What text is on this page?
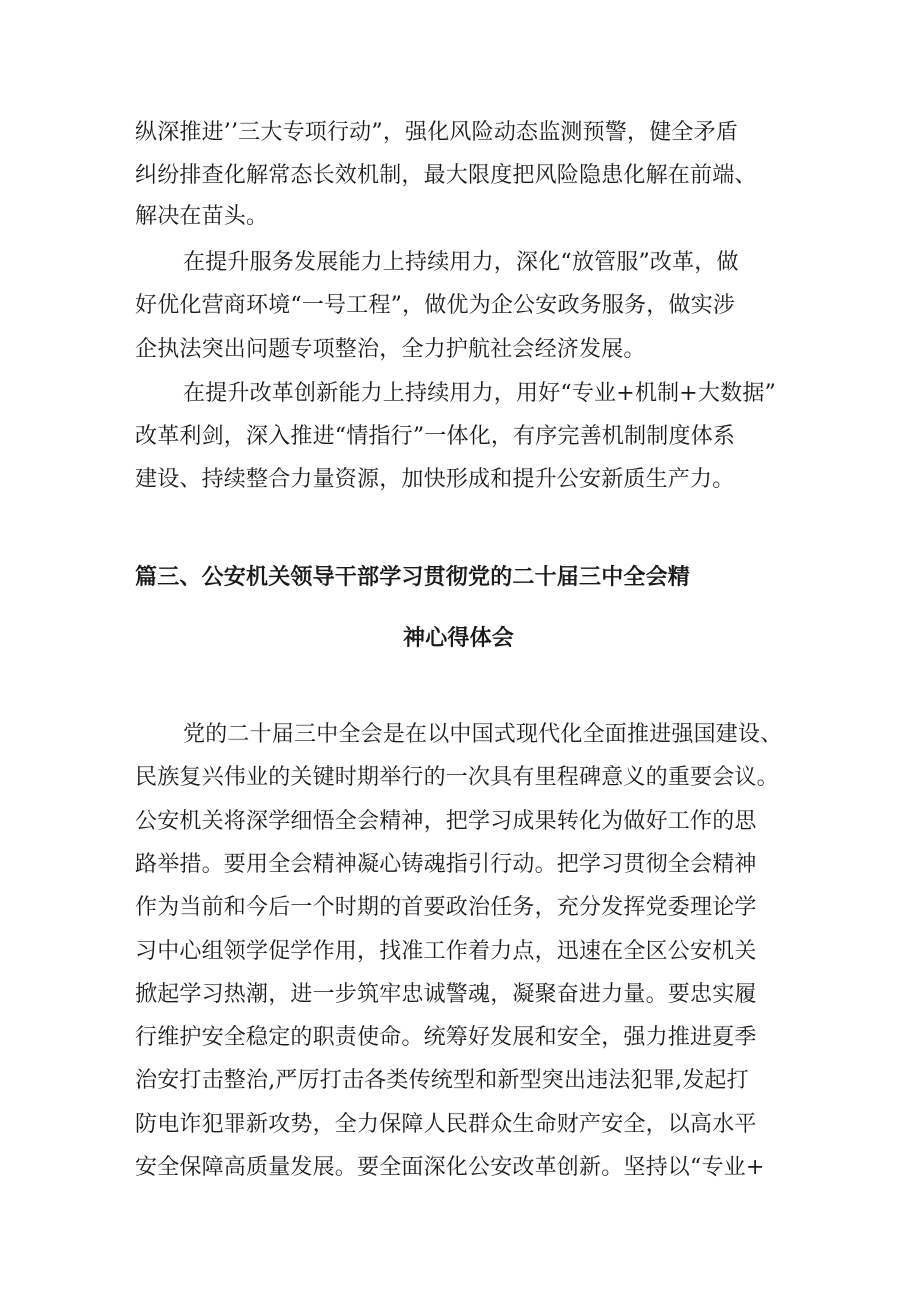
纵深推进’’三大专项行动”，强化风险动态监测预警，健全矛盾
纠纷排查化解常态长效机制，最大限度把风险隐患化解在前端、
解决在苗头。
在提升服务发展能力上持续用力，深化“放管服”改革，做
好优化营商环境“一号工程”，做优为企公安政务服务，做实涉
企执法突出问题专项整治，全力护航社会经济发展。
在提升改革创新能力上持续用力，用好“专业+机制+大数据”
改革利剑，深入推进“情指行”一体化，有序完善机制制度体系
建设、持续整合力量资源，加快形成和提升公安新质生产力。
篇三、公安机关领导干部学习贯彻党的二十届三中全会精
神心得体会
党的二十届三中全会是在以中国式现代化全面推进强国建设、
民族复兴伟业的关键时期举行的一次具有里程碑意义的重要会议。
公安机关将深学细悟全会精神，把学习成果转化为做好工作的思
路举措。要用全会精神凝心铸魂指引行动。把学习贯彻全会精神
作为当前和今后一个时期的首要政治任务，充分发挥党委理论学
习中心组领学促学作用，找准工作着力点，迅速在全区公安机关
掀起学习热潮，进一步筑牢忠诚警魂，凝聚奋进力量。要忠实履
行维护安全稳定的职责使命。统筹好发展和安全，强力推进夏季
治安打击整治,严厉打击各类传统型和新型突出违法犯罪,发起打
防电诈犯罪新攻势，全力保障人民群众生命财产安全，以高水平
安全保障高质量发展。要全面深化公安改革创新。坚持以“专业+
